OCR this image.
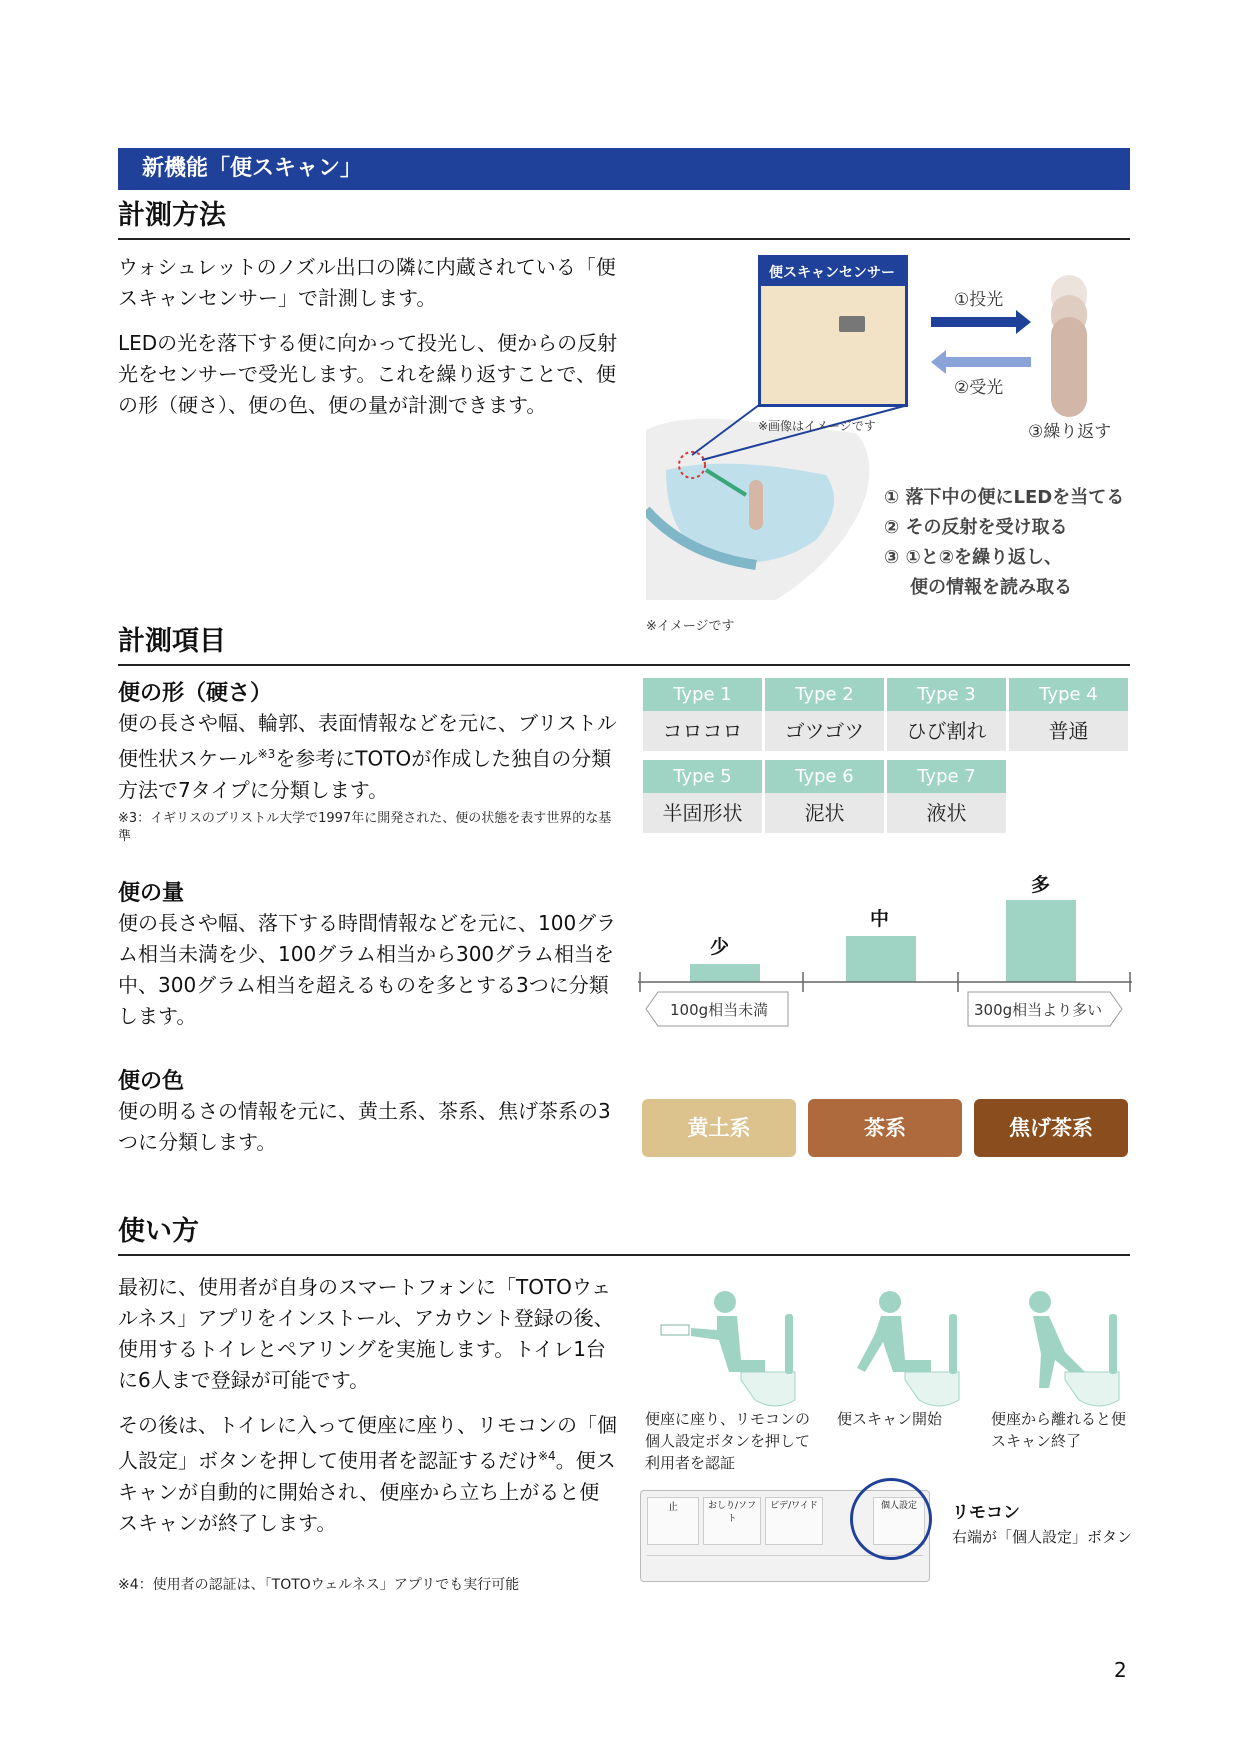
新機能「便スキャン」
計測方法
ウォシュレットのノズル出口の隣に内蔵されている「便スキャンセンサー」で計測します。
LEDの光を落下する便に向かって投光し、便からの反射光をセンサーで受光します。これを繰り返すことで、便の形（硬さ）、便の色、便の量が計測できます。
便スキャンセンサー
①投光
②受光
③繰り返す
※画像はイメージです
① 落下中の便にLEDを当てる
② その反射を受け取る
③ ①と②を繰り返し、
便の情報を読み取る
※イメージです
計測項目
便の形（硬さ）
便の長さや幅、輪郭、表面情報などを元に、ブリストル便性状スケール$^{※3}$を参考にTOTOが作成した独自の分類方法で7タイプに分類します。
※3：イギリスのブリストル大学で1997年に開発された、便の状態を表す世界的な基準
Type 1
コロコロ
Type 2
ゴツゴツ
Type 3
ひび割れ
Type 4
普通
Type 5
半固形状
Type 6
泥状
Type 7
液状
便の量
便の長さや幅、落下する時間情報などを元に、100グラム相当未満を少、100グラム相当から300グラム相当を中、300グラム相当を超えるものを多とする3つに分類します。
少
中
多
100g相当未満	300g相当より多い
便の色
便の明るさの情報を元に、黄土系、茶系、焦げ茶系の3つに分類します。
黄土系	茶系	焦げ茶系
使い方
最初に、使用者が自身のスマートフォンに「TOTOウェルネス」アプリをインストール、アカウント登録の後、使用するトイレとペアリングを実施します。トイレ1台に6人まで登録が可能です。
その後は、トイレに入って便座に座り、リモコンの「個人設定」ボタンを押して使用者を認証するだけ$^{※4}$。便スキャンが自動的に開始され、便座から立ち上がると便スキャンが終了します。
※4：使用者の認証は、「TOTOウェルネス」アプリでも実行可能
便座に座り、リモコンの個人設定ボタンを押して利用者を認証
便スキャン開始	便座から離れると便スキャン終了
止	おしり/ソフト
ビデ/ワイド	個人設定	リモコン
右端が「個人設定」ボタン
2
